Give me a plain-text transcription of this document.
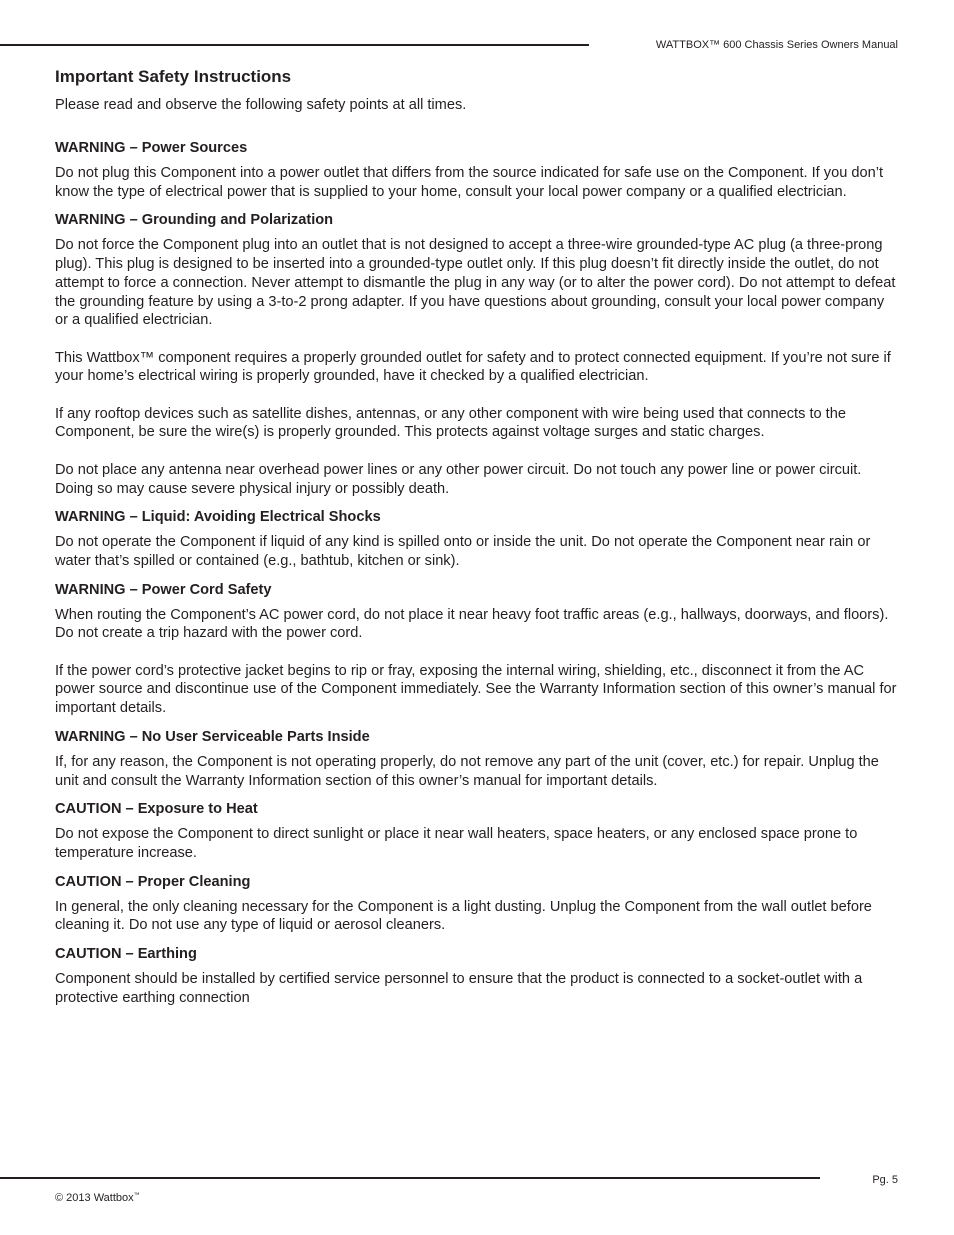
WATTBOX™ 600 Chassis Series Owners Manual
Important Safety Instructions

Please read and observe the following safety points at all times.

WARNING – Power Sources

Do not plug this Component into a power outlet that differs from the source indicated for safe use on the Component. If you don’t know the type of electrical power that is supplied to your home, consult your local power company or a qualified electrician.

WARNING – Grounding and Polarization

Do not force the Component plug into an outlet that is not designed to accept a three-wire grounded-type AC plug (a three-prong plug). This plug is designed to be inserted into a grounded-type outlet only. If this plug doesn’t fit directly inside the outlet, do not attempt to force a connection. Never attempt to dismantle the plug in any way (or to alter the power cord). Do not attempt to defeat the grounding feature by using a 3-to-2 prong adapter. If you have questions about grounding, consult your local power company or a qualified electrician.

This Wattbox™ component requires a properly grounded outlet for safety and to protect connected equipment. If you’re not sure if your home’s electrical wiring is properly grounded, have it checked by a qualified electrician.

If any rooftop devices such as satellite dishes, antennas, or any other component with wire being used that connects to the Component, be sure the wire(s) is properly grounded. This protects against voltage surges and static charges.

Do not place any antenna near overhead power lines or any other power circuit. Do not touch any power line or power circuit. Doing so may cause severe physical injury or possibly death.

WARNING – Liquid: Avoiding Electrical Shocks

Do not operate the Component if liquid of any kind is spilled onto or inside the unit. Do not operate the Component near rain or water that’s spilled or contained (e.g., bathtub, kitchen or sink).

WARNING – Power Cord Safety

When routing the Component’s AC power cord, do not place it near heavy foot traffic areas (e.g., hallways, doorways, and floors). Do not create a trip hazard with the power cord.

If the power cord’s protective jacket begins to rip or fray, exposing the internal wiring, shielding, etc., disconnect it from the AC power source and discontinue use of the Component immediately. See the Warranty Information section of this owner’s manual for important details.

WARNING – No User Serviceable Parts Inside

If, for any reason, the Component is not operating properly, do not remove any part of the unit (cover, etc.) for repair. Unplug the unit and consult the Warranty Information section of this owner’s manual for important details.

CAUTION – Exposure to Heat

Do not expose the Component to direct sunlight or place it near wall heaters, space heaters, or any enclosed space prone to temperature increase.

CAUTION – Proper Cleaning

In general, the only cleaning necessary for the Component is a light dusting. Unplug the Component from the wall outlet before cleaning it. Do not use any type of liquid or aerosol cleaners.

CAUTION – Earthing

Component should be installed by certified service personnel to ensure that the product is connected to a socket-outlet with a protective earthing connection

Pg. 5
© 2013 Wattbox™
